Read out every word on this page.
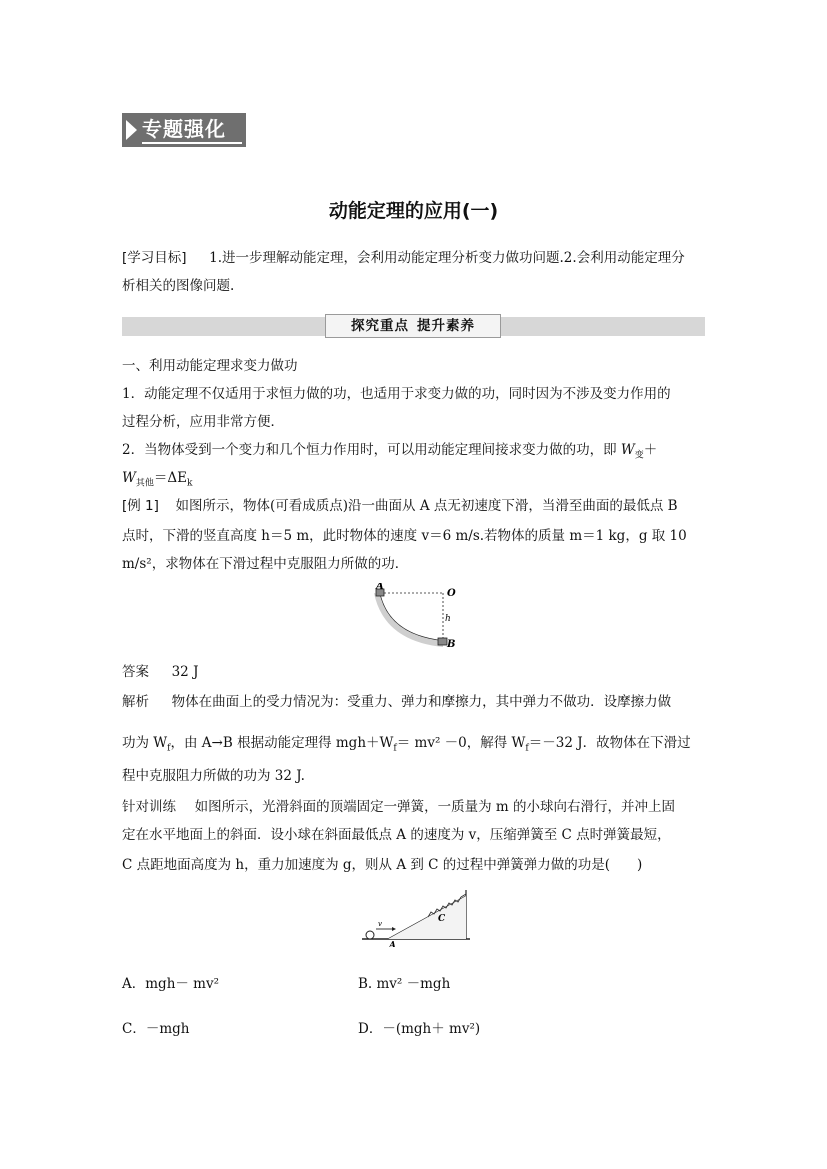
专题强化
动能定理的应用(一)
[学习目标] 1.进一步理解动能定理，会利用动能定理分析变力做功问题.2.会利用动能定理分
析相关的图像问题.
探究重点 提升素养
一、利用动能定理求变力做功
1．动能定理不仅适用于求恒力做的功，也适用于求变力做的功，同时因为不涉及变力作用的
过程分析，应用非常方便．
2．当物体受到一个变力和几个恒力作用时，可以用动能定理间接求变力做的功，即 $W_变+$
$W_{其他}=\Delta E_k$
[例 1] 如图所示，物体(可看成质点)沿一曲面从 A 点无初速度下滑，当滑至曲面的最低点 B
点时，下滑的竖直高度 h＝5 m，此时物体的速度 v＝6 m/s.若物体的质量 m＝1 kg，g 取 10
m/s²，求物体在下滑过程中克服阻力所做的功．
A
O
h
B
答案 32 J
解析 物体在曲面上的受力情况为：受重力、弹力和摩擦力，其中弹力不做功．设摩擦力做
功为 $W_f$，由 A→B 根据动能定理得 $mgh+W_f= mv^2 -0$，解得 $W_f=-32$ J．故物体在下滑过
程中克服阻力所做的功为 32 J.
针对训练 如图所示，光滑斜面的顶端固定一弹簧，一质量为 m 的小球向右滑行，并冲上固
定在水平地面上的斜面．设小球在斜面最低点 A 的速度为 v，压缩弹簧至 C 点时弹簧最短，
C 点距地面高度为 h，重力加速度为 g，则从 A 到 C 的过程中弹簧弹力做的功是(　　)
v
A
C
A．mgh－ mv²	B. mv² －mgh
C．－mgh	D．－(mgh＋ mv²)
